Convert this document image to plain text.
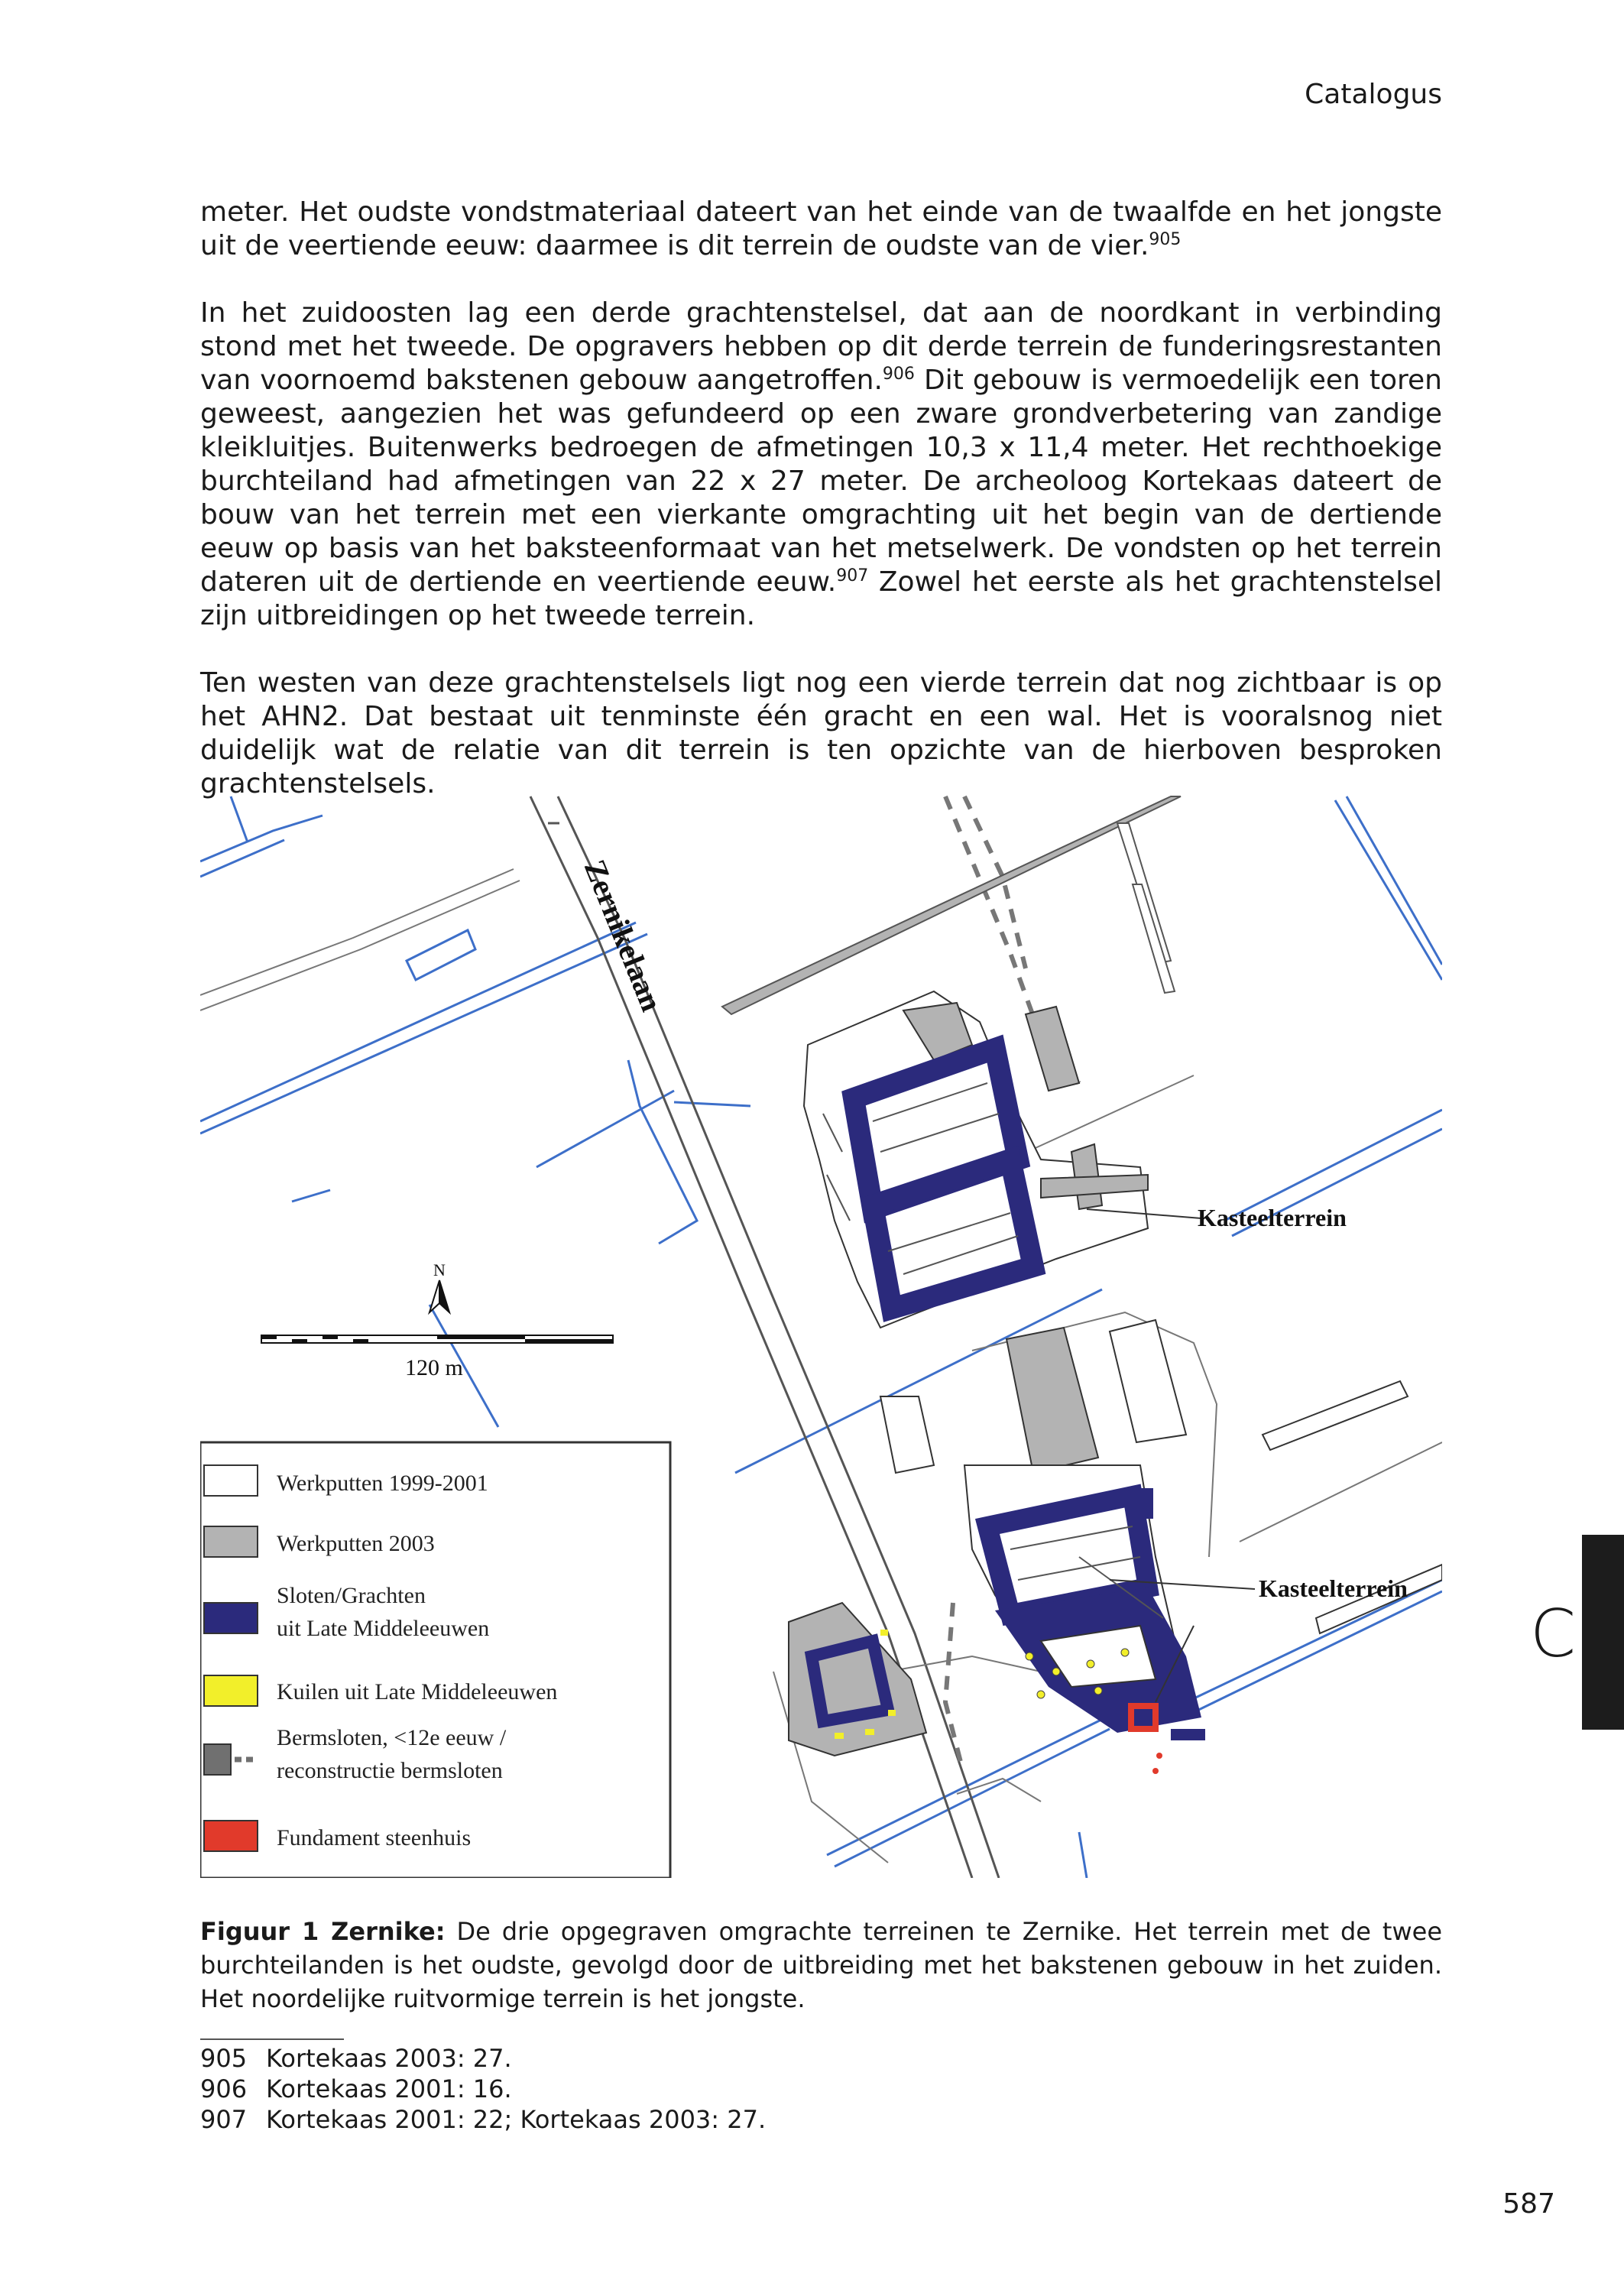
Catalogus

meter. Het oudste vondstmateriaal dateert van het einde van de twaalfde en het jongste uit de veertiende eeuw: daarmee is dit terrein de oudste van de vier.$^{905}$

In het zuidoosten lag een derde grachtenstelsel, dat aan de noordkant in verbinding stond met het tweede. De opgravers hebben op dit derde terrein de funderingsrestanten van voornoemd bakstenen gebouw aangetroffen.$^{906}$ Dit gebouw is vermoedelijk een toren geweest, aangezien het was gefundeerd op een zware grondverbetering van zandige kleikluitjes. Buitenwerks bedroegen de afmetingen 10,3 x 11,4 meter. Het rechthoekige burchteiland had afmetingen van 22 x 27 meter. De archeoloog Kortekaas dateert de bouw van het terrein met een vierkante omgrachting uit het begin van de dertiende eeuw op basis van het baksteenformaat van het metselwerk. De vondsten op het terrein dateren uit de dertiende en veertiende eeuw.$^{907}$ Zowel het eerste als het grachtenstelsel zijn uitbreidingen op het tweede terrein.

Ten westen van deze grachtenstelsels ligt nog een vierde terrein dat nog zichtbaar is op het AHN2. Dat bestaat uit tenminste één gracht en een wal. Het is vooralsnog niet duidelijk wat de relatie van dit terrein is ten opzichte van de hierboven besproken grachtenstelsels.

Kasteelterrein
Kasteelterrein
Zernikelaan
N
120 m
Werkputten 1999-2001
Werkputten 2003
Sloten/Grachten
uit Late Middeleeuwen
Kuilen uit Late Middeleeuwen
Bermsloten, <12e eeuw /
reconstructie bermsloten
Fundament steenhuis
Figuur 1 Zernike: De drie opgegraven omgrachte terreinen te Zernike. Het terrein met de twee burchteilanden is het oudste, gevolgd door de uitbreiding met het bakstenen gebouw in het zuiden. Het noordelijke ruitvormige terrein is het jongste.
905 Kortekaas 2003: 27.
906 Kortekaas 2001: 16.
907 Kortekaas 2001: 22; Kortekaas 2003: 27.
587
C
